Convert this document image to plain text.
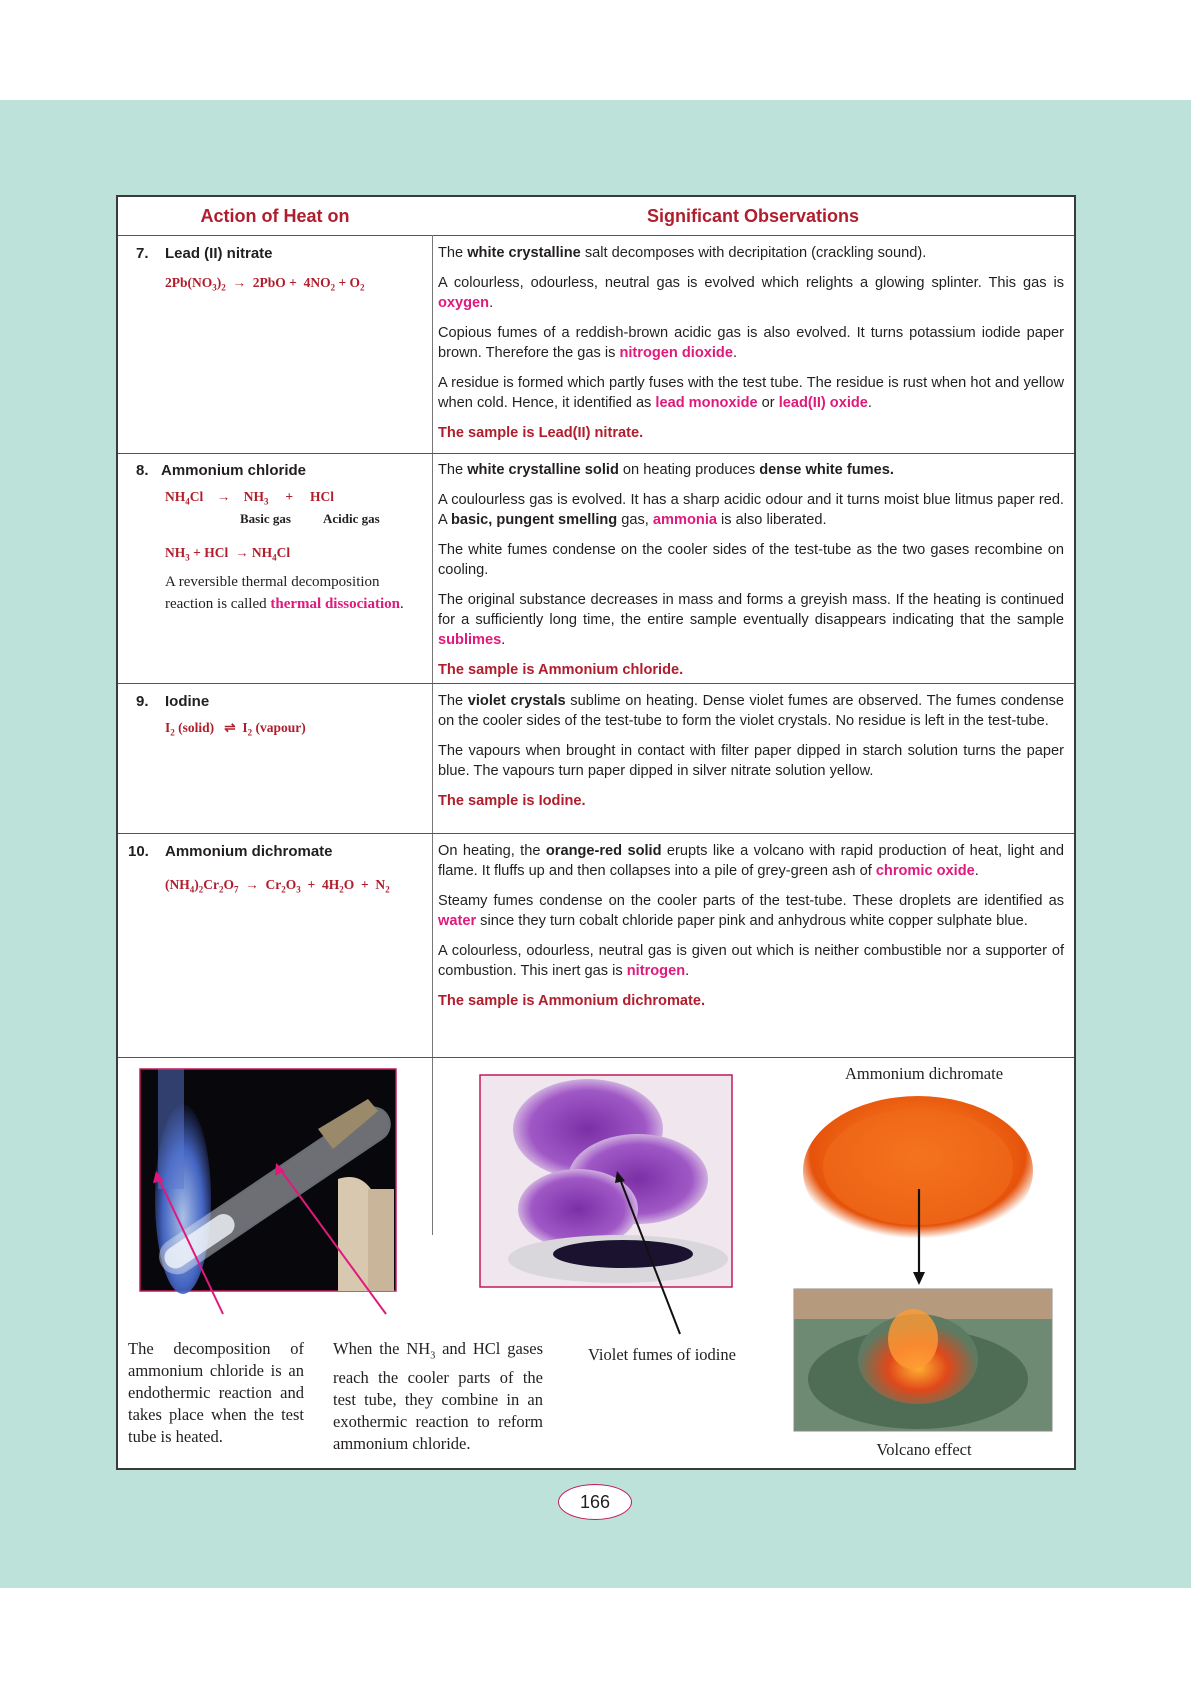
Action of Heat on	Significant Observations
7. Lead (II) nitrate
$2Pb(NO_3)_2 \to 2PbO + 4NO_2 + O_2$

The white crystalline salt decomposes with decripitation (crackling sound).

A colourless, odourless, neutral gas is evolved which relights a glowing splinter. This gas is oxygen.

Copious fumes of a reddish-brown acidic gas is also evolved. It turns potassium iodide paper brown. Therefore the gas is nitrogen dioxide.

A residue is formed which partly fuses with the test tube. The residue is rust when hot and yellow when cold. Hence, it identified as lead monoxide or lead(II) oxide.

The sample is Lead(II) nitrate.

8. Ammonium chloride
$NH_4Cl$    →    $NH_3$     +     HCl
Basic gas Acidic gas
$NH_3$ + HCl  → $NH_4Cl$
A reversible thermal decomposition reaction is called thermal dissociation.

The white crystalline solid on heating produces dense white fumes.

A coulourless gas is evolved. It has a sharp acidic odour and it turns moist blue litmus paper red. A basic, pungent smelling gas, ammonia is also liberated.

The white fumes condense on the cooler sides of the test-tube as the two gases recombine on cooling.

The original substance decreases in mass and forms a greyish mass. If the heating is continued for a sufficiently long time, the entire sample eventually disappears indicating that the sample sublimes.

The sample is Ammonium chloride.

9. Iodine
$I_2$ (solid)   ⇌  $I_2$ (vapour)

The violet crystals sublime on heating. Dense violet fumes are observed. The fumes condense on the cooler sides of the test-tube to form the violet crystals. No residue is left in the test-tube.

The vapours when brought in contact with filter paper dipped in starch solution turns the paper blue. The vapours turn paper dipped in silver nitrate solution yellow.

The sample is Iodine.

10. Ammonium dichromate
$(NH_4)_2Cr_2O_7 \to Cr_2O_3 + 4H_2O + N_2$

On heating, the orange-red solid erupts like a volcano with rapid production of heat, light and flame. It fluffs up and then collapses into a pile of grey-green ash of chromic oxide.

Steamy fumes condense on the cooler parts of the test-tube. These droplets are identified as water since they turn cobalt chloride paper pink and anhydrous white copper sulphate blue.

A colourless, odourless, neutral gas is given out which is neither combustible nor a supporter of combustion. This inert gas is nitrogen.

The sample is Ammonium dichromate.

The decomposition of ammonium chloride is an endothermic reaction and takes place when the test tube is heated.
When the $NH_3$ and HCl gases reach the cooler parts of the test tube, they combine in an exothermic reaction to reform ammonium chloride.
Violet fumes of iodine
Ammonium dichromate
Volcano effect
166
